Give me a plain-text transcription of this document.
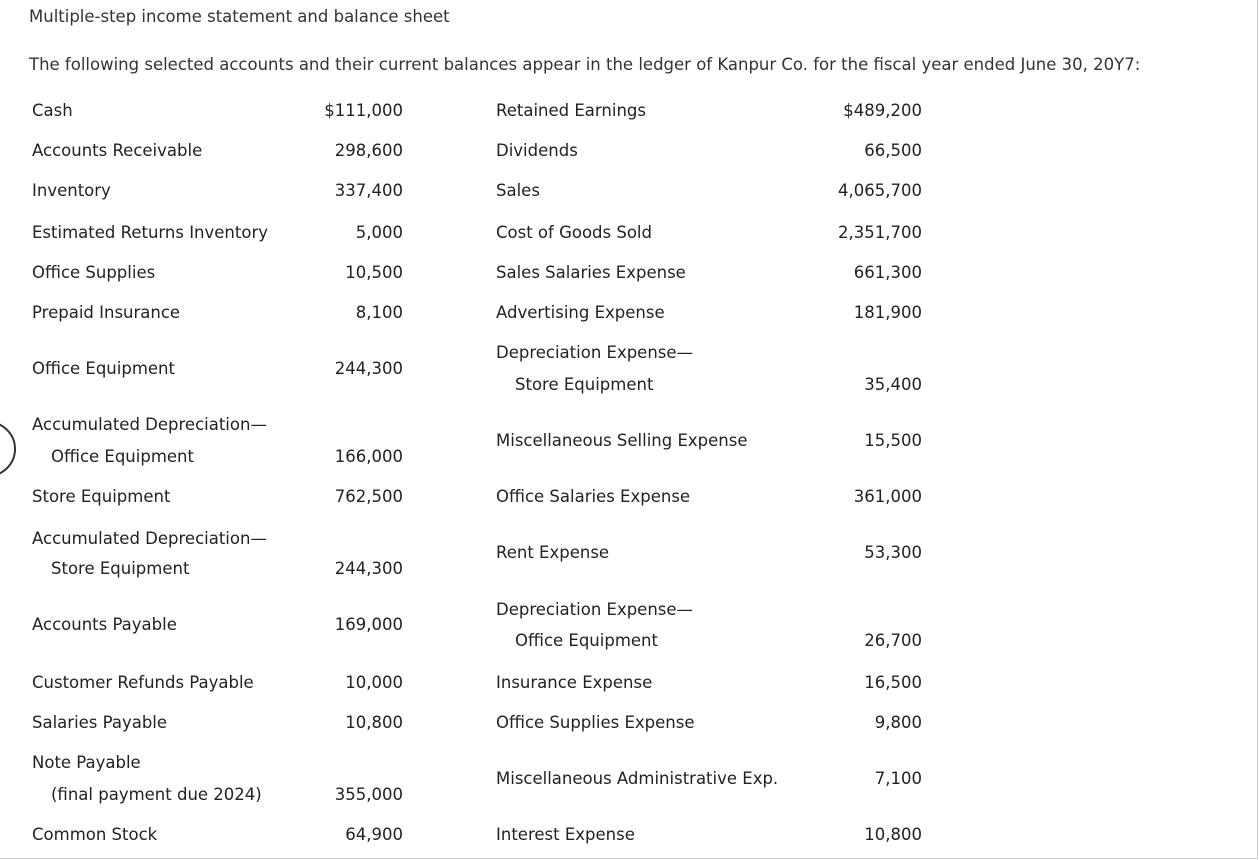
Multiple-step income statement and balance sheet
The following selected accounts and their current balances appear in the ledger of Kanpur Co. for the fiscal year ended June 30, 20Y7:
Cash	$111,000
Accounts Receivable	298,600
Inventory	337,400
Estimated Returns Inventory	5,000
Office Supplies	10,500
Prepaid Insurance	8,100
Office Equipment	244,300
Accumulated Depreciation—
Office Equipment	166,000
Store Equipment	762,500
Accumulated Depreciation—
Store Equipment	244,300
Accounts Payable	169,000
Customer Refunds Payable	10,000
Salaries Payable	10,800
Note Payable
(final payment due 2024)	355,000
Common Stock	64,900
Retained Earnings	$489,200
Dividends	66,500
Sales	4,065,700
Cost of Goods Sold	2,351,700
Sales Salaries Expense	661,300
Advertising Expense	181,900
Depreciation Expense—
Store Equipment	35,400
Miscellaneous Selling Expense	15,500
Office Salaries Expense	361,000
Rent Expense	53,300
Depreciation Expense—
Office Equipment	26,700
Insurance Expense	16,500
Office Supplies Expense	9,800
Miscellaneous Administrative Exp.	7,100
Interest Expense	10,800
